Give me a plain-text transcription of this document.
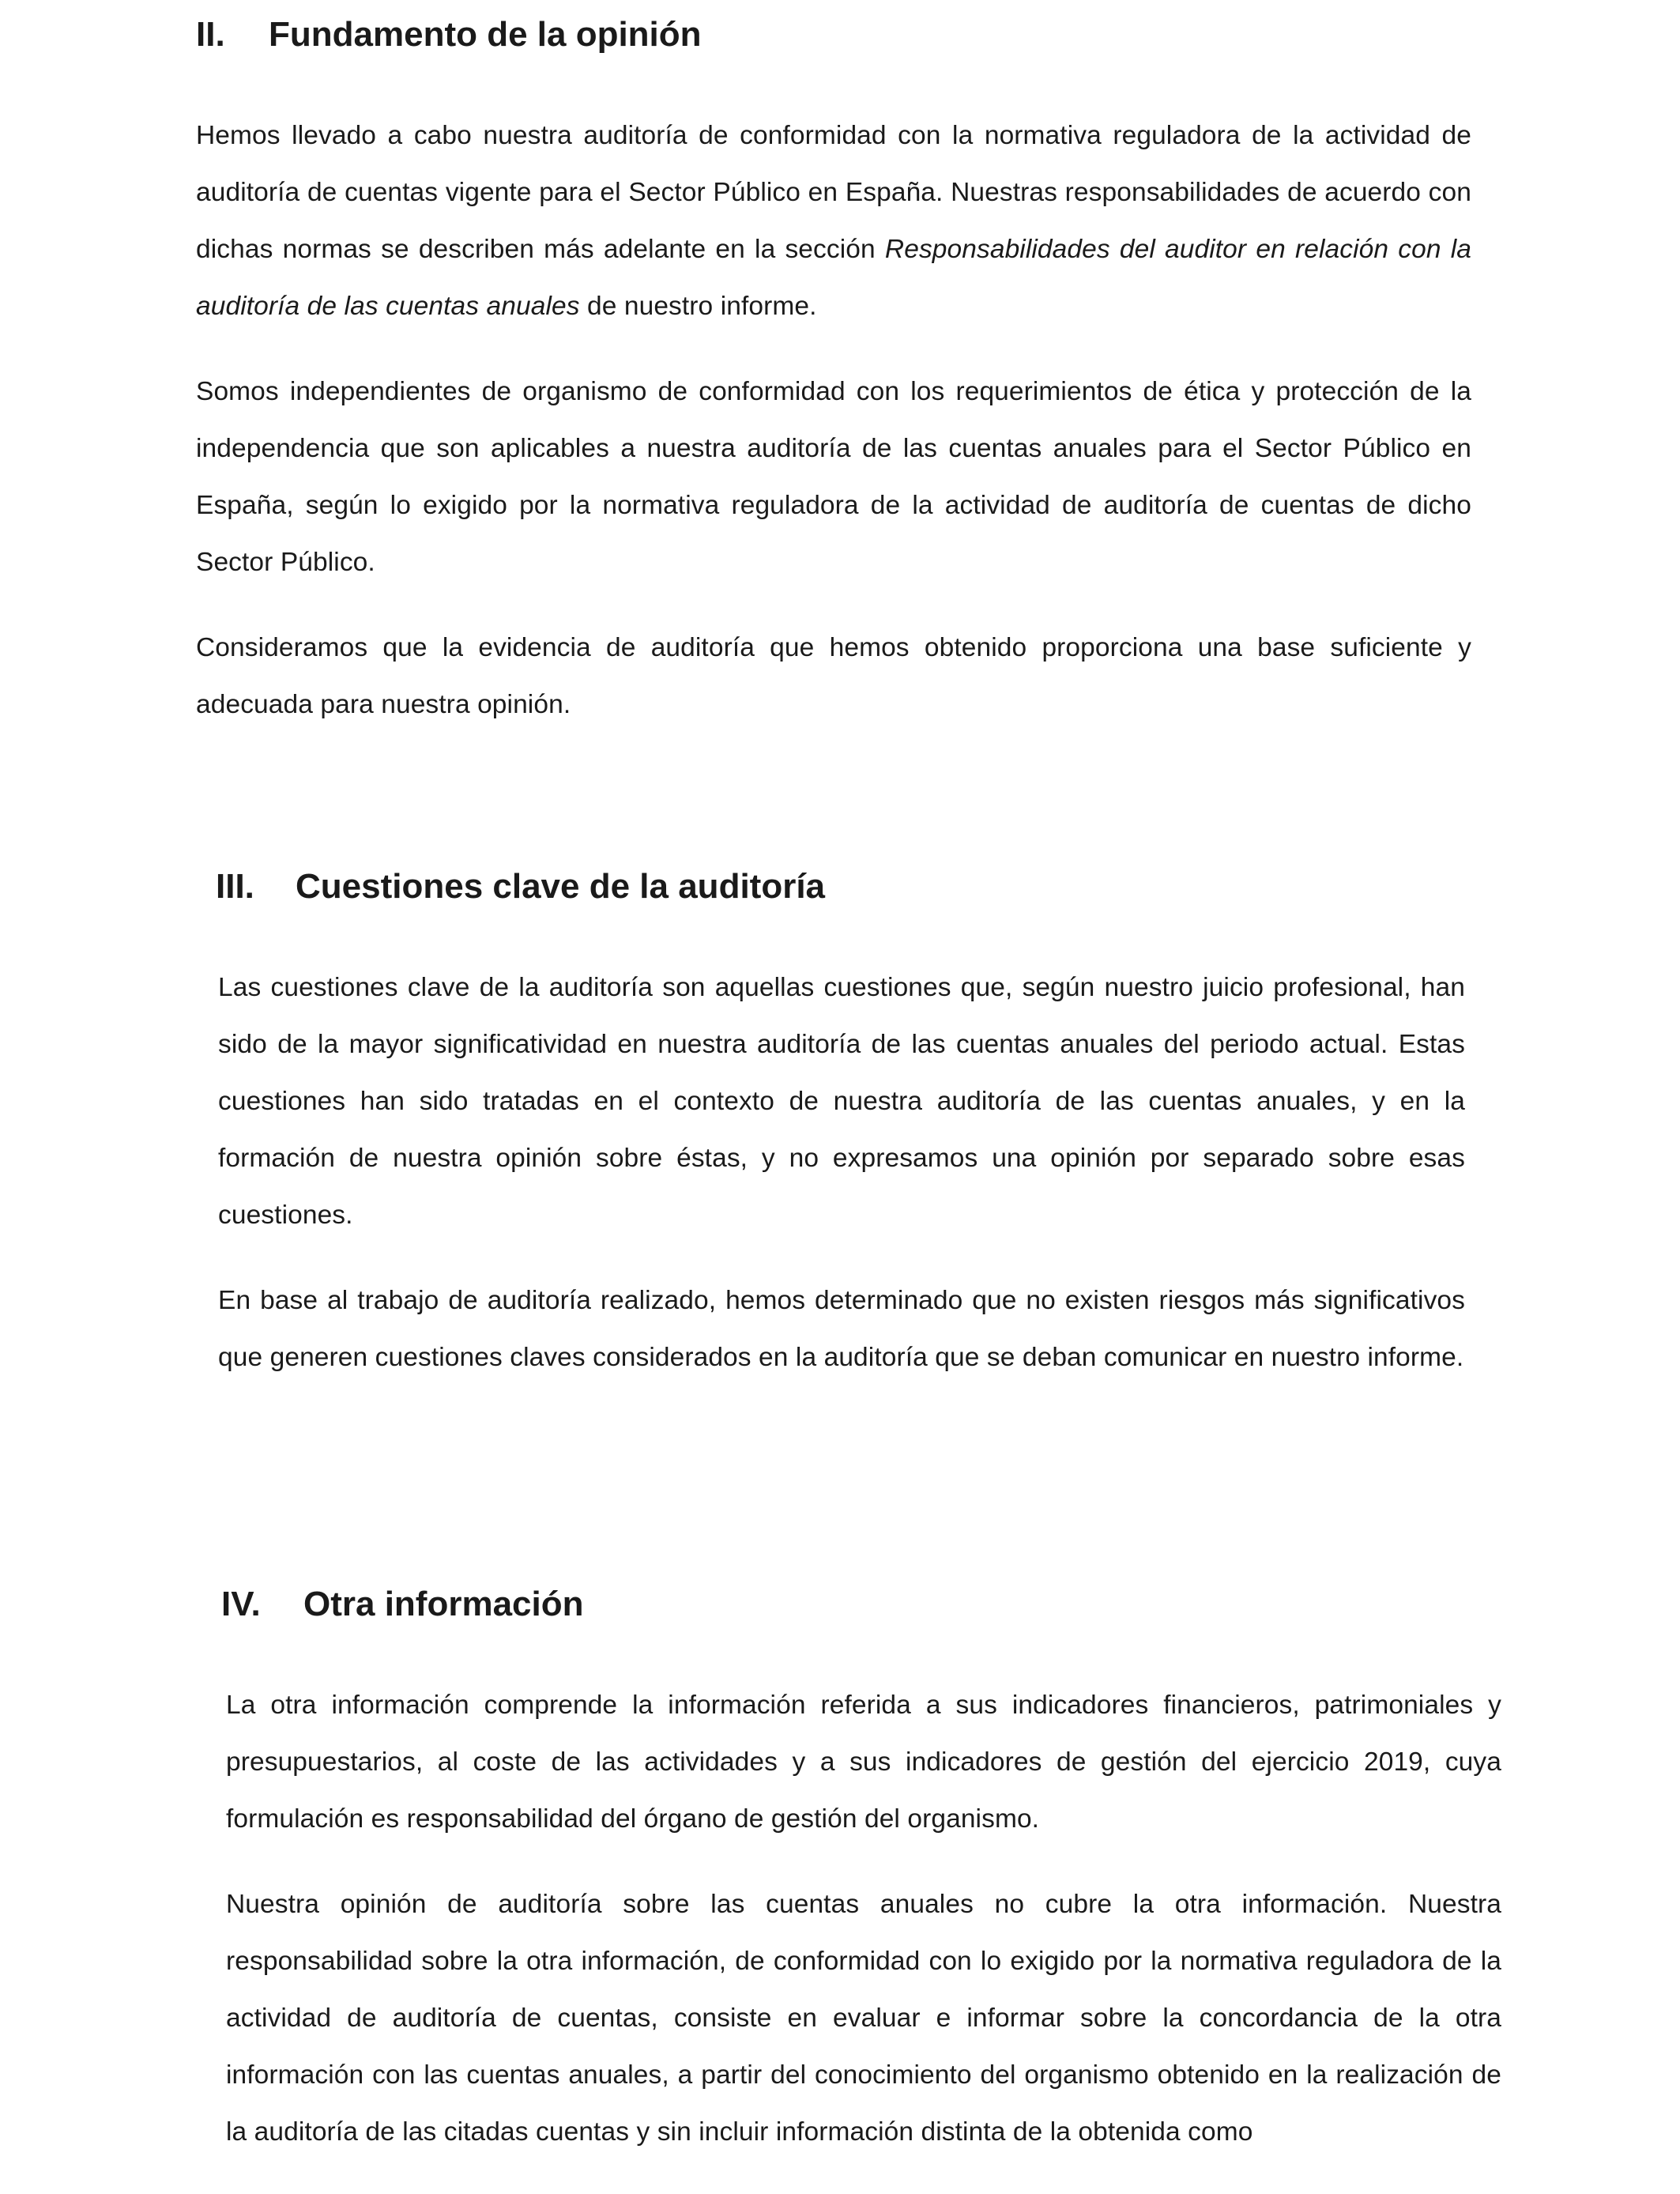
II. Fundamento de la opinión

Hemos llevado a cabo nuestra auditoría de conformidad con la normativa reguladora de la actividad de auditoría de cuentas vigente para el Sector Público en España. Nuestras responsabilidades de acuerdo con dichas normas se describen más adelante en la sección Responsabilidades del auditor en relación con la auditoría de las cuentas anuales de nuestro informe.

Somos independientes de organismo de conformidad con los requerimientos de ética y protección de la independencia que son aplicables a nuestra auditoría de las cuentas anuales para el Sector Público en España, según lo exigido por la normativa reguladora de la actividad de auditoría de cuentas de dicho Sector Público.

Consideramos que la evidencia de auditoría que hemos obtenido proporciona una base suficiente y adecuada para nuestra opinión.

III. Cuestiones clave de la auditoría

Las cuestiones clave de la auditoría son aquellas cuestiones que, según nuestro juicio profesional, han sido de la mayor significatividad en nuestra auditoría de las cuentas anuales del periodo actual. Estas cuestiones han sido tratadas en el contexto de nuestra auditoría de las cuentas anuales, y en la formación de nuestra opinión sobre éstas, y no expresamos una opinión por separado sobre esas cuestiones.

En base al trabajo de auditoría realizado, hemos determinado que no existen riesgos más significativos que generen cuestiones claves considerados en la auditoría que se deban comunicar en nuestro informe.

IV. Otra información

La otra información comprende la información referida a sus indicadores financieros, patrimoniales y presupuestarios, al coste de las actividades y a sus indicadores de gestión del ejercicio 2019, cuya formulación es responsabilidad del órgano de gestión del organismo.

Nuestra opinión de auditoría sobre las cuentas anuales no cubre la otra información. Nuestra responsabilidad sobre la otra información, de conformidad con lo exigido por la normativa reguladora de la actividad de auditoría de cuentas, consiste en evaluar e informar sobre la concordancia de la otra información con las cuentas anuales, a partir del conocimiento del organismo obtenido en la realización de la auditoría de las citadas cuentas y sin incluir información distinta de la obtenida como
